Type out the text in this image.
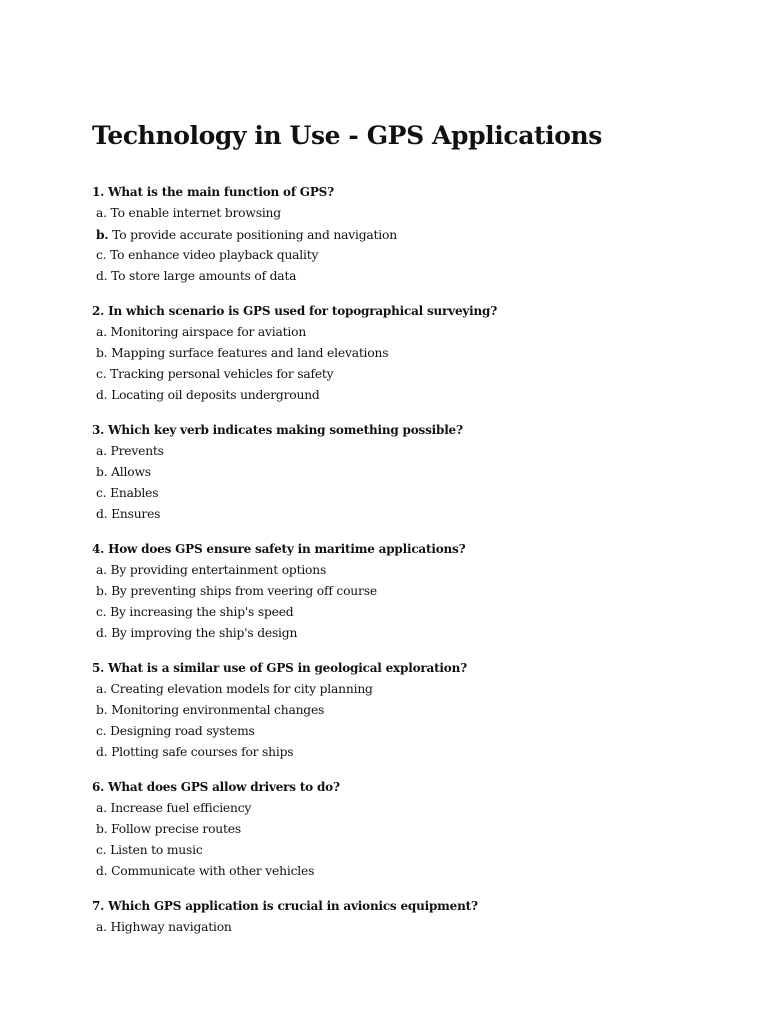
Technology in Use - GPS Applications
1. What is the main function of GPS?
a. To enable internet browsing
b. To provide accurate positioning and navigation
c. To enhance video playback quality
d. To store large amounts of data
2. In which scenario is GPS used for topographical surveying?
a. Monitoring airspace for aviation
b. Mapping surface features and land elevations
c. Tracking personal vehicles for safety
d. Locating oil deposits underground
3. Which key verb indicates making something possible?
a. Prevents
b. Allows
c. Enables
d. Ensures
4. How does GPS ensure safety in maritime applications?
a. By providing entertainment options
b. By preventing ships from veering off course
c. By increasing the ship's speed
d. By improving the ship's design
5. What is a similar use of GPS in geological exploration?
a. Creating elevation models for city planning
b. Monitoring environmental changes
c. Designing road systems
d. Plotting safe courses for ships
6. What does GPS allow drivers to do?
a. Increase fuel efficiency
b. Follow precise routes
c. Listen to music
d. Communicate with other vehicles
7. Which GPS application is crucial in avionics equipment?
a. Highway navigation
